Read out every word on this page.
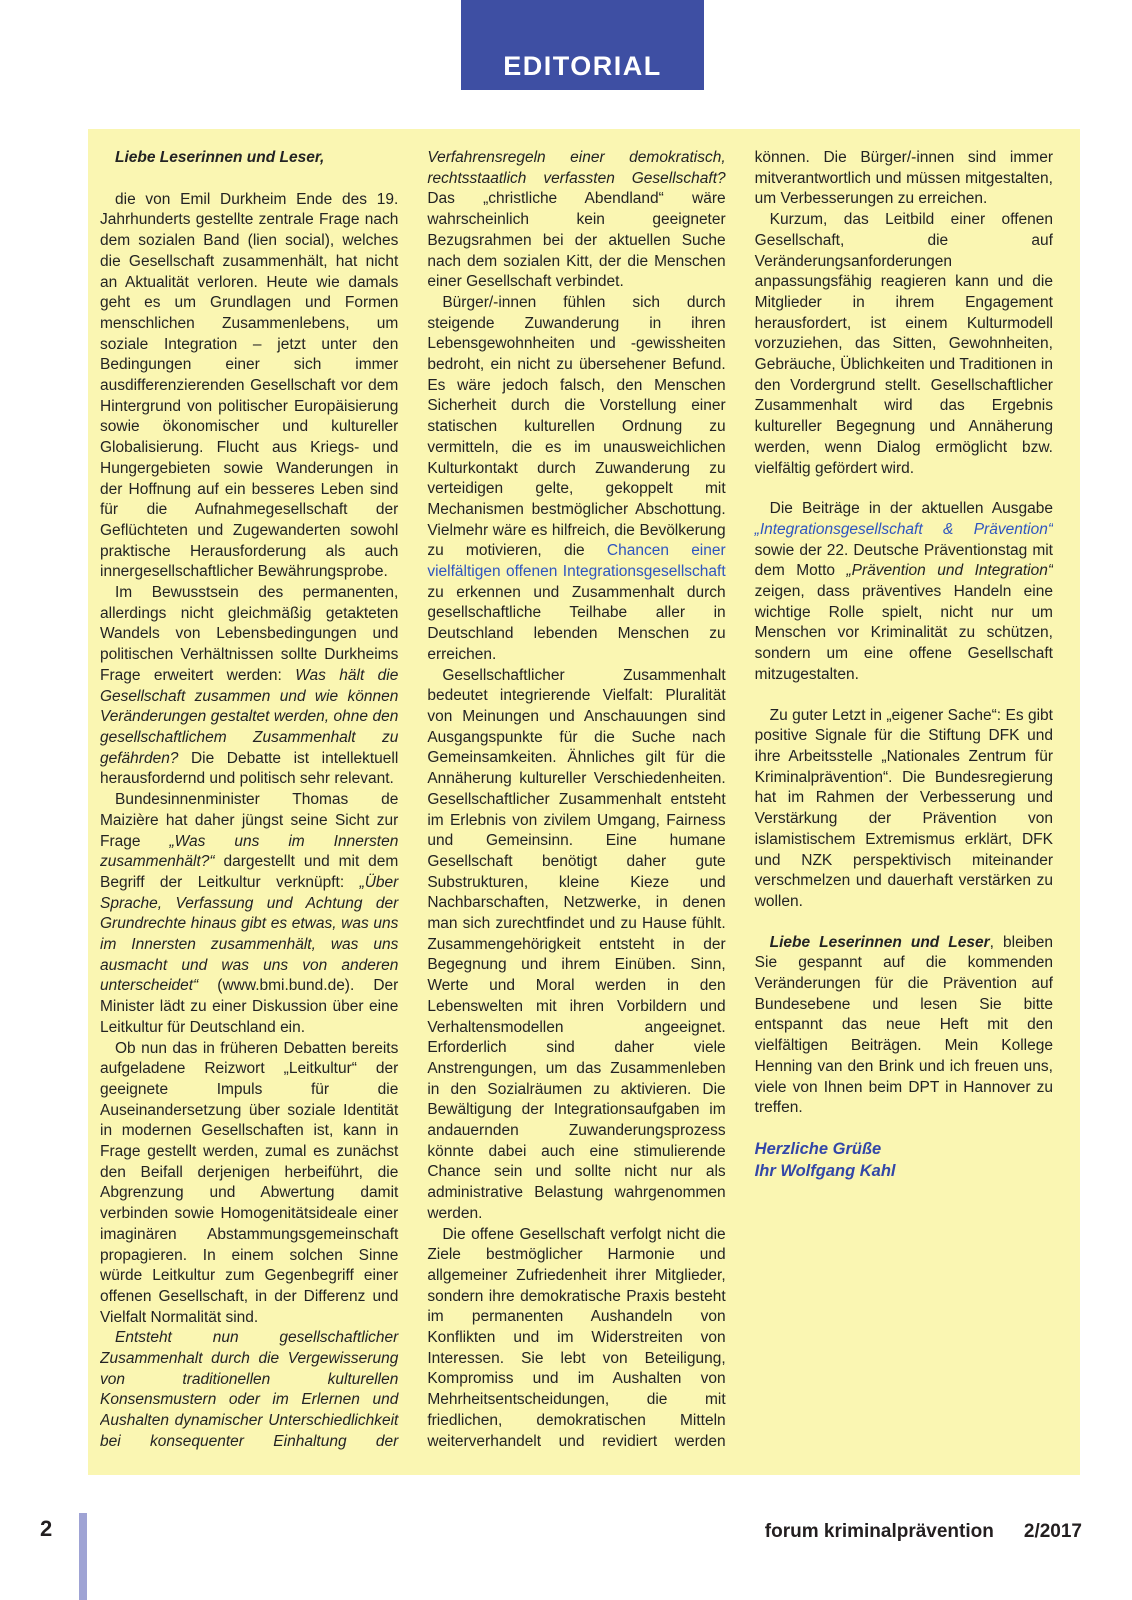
EDITORIAL

Liebe Leserinnen und Leser,

die von Emil Durkheim Ende des 19. Jahrhunderts gestellte zentrale Frage nach dem sozialen Band (lien social), welches die Gesellschaft zusammenhält, hat nicht an Aktualität verloren. Heute wie damals geht es um Grundlagen und Formen menschlichen Zusammenlebens, um soziale Integration – jetzt unter den Bedingungen einer sich immer ausdifferenzierenden Gesellschaft vor dem Hintergrund von politischer Europäisierung sowie ökonomischer und kultureller Globalisierung. Flucht aus Kriegs- und Hungergebieten sowie Wanderungen in der Hoffnung auf ein besseres Leben sind für die Aufnahmegesellschaft der Geflüchteten und Zugewanderten sowohl praktische Herausforderung als auch innergesellschaftlicher Bewährungsprobe.

Im Bewusstsein des permanenten, allerdings nicht gleichmäßig getakteten Wandels von Lebensbedingungen und politischen Verhältnissen sollte Durkheims Frage erweitert werden: Was hält die Gesellschaft zusammen und wie können Veränderungen gestaltet werden, ohne den gesellschaftlichem Zusammenhalt zu gefährden? Die Debatte ist intellektuell herausfordernd und politisch sehr relevant.

Bundesinnenminister Thomas de Maizière hat daher jüngst seine Sicht zur Frage „Was uns im Innersten zusammenhält?“ dargestellt und mit dem Begriff der Leitkultur verknüpft: „Über Sprache, Verfassung und Achtung der Grundrechte hinaus gibt es etwas, was uns im Innersten zusammenhält, was uns ausmacht und was uns von anderen unterscheidet“ (www.bmi.bund.de). Der Minister lädt zu einer Diskussion über eine Leitkultur für Deutschland ein.

Ob nun das in früheren Debatten bereits aufgeladene Reizwort „Leitkultur“ der geeignete Impuls für die Auseinandersetzung über soziale Identität in modernen Gesellschaften ist, kann in Frage gestellt werden, zumal es zunächst den Beifall derjenigen herbeiführt, die Abgrenzung und Abwertung damit verbinden sowie Homogenitätsideale einer imaginären Abstammungsgemeinschaft propagieren. In einem solchen Sinne würde Leitkultur zum Gegenbegriff einer offenen Gesellschaft, in der Differenz und Vielfalt Normalität sind.

Entsteht nun gesellschaftlicher Zusammenhalt durch die Vergewisserung von traditionellen kulturellen Konsensmustern oder im Erlernen und Aushalten dynamischer Unterschiedlichkeit bei konsequenter Einhaltung der Verfahrensregeln einer demokratisch, rechtsstaatlich verfassten Gesellschaft? Das „christliche Abendland“ wäre wahrscheinlich kein geeigneter Bezugsrahmen bei der aktuellen Suche nach dem sozialen Kitt, der die Menschen einer Gesellschaft verbindet.

Bürger/-innen fühlen sich durch steigende Zuwanderung in ihren Lebensgewohnheiten und -gewissheiten bedroht, ein nicht zu übersehener Befund. Es wäre jedoch falsch, den Menschen Sicherheit durch die Vorstellung einer statischen kulturellen Ordnung zu vermitteln, die es im unausweichlichen Kulturkontakt durch Zuwanderung zu verteidigen gelte, gekoppelt mit Mechanismen bestmöglicher Abschottung. Vielmehr wäre es hilfreich, die Bevölkerung zu motivieren, die Chancen einer vielfältigen offenen Integrationsgesellschaft zu erkennen und Zusammenhalt durch gesellschaftliche Teilhabe aller in Deutschland lebenden Menschen zu erreichen.

Gesellschaftlicher Zusammenhalt bedeutet integrierende Vielfalt: Pluralität von Meinungen und Anschauungen sind Ausgangspunkte für die Suche nach Gemeinsamkeiten. Ähnliches gilt für die Annäherung kultureller Verschiedenheiten. Gesellschaftlicher Zusammenhalt entsteht im Erlebnis von zivilem Umgang, Fairness und Gemeinsinn. Eine humane Gesellschaft benötigt daher gute Substrukturen, kleine Kieze und Nachbarschaften, Netzwerke, in denen man sich zurechtfindet und zu Hause fühlt. Zusammengehörigkeit entsteht in der Begegnung und ihrem Einüben. Sinn, Werte und Moral werden in den Lebenswelten mit ihren Vorbildern und Verhaltensmodellen angeeignet. Erforderlich sind daher viele Anstrengungen, um das Zusammenleben in den Sozialräumen zu aktivieren. Die Bewältigung der Integrationsaufgaben im andauernden Zuwanderungsprozess könnte dabei auch eine stimulierende Chance sein und sollte nicht nur als administrative Belastung wahrgenommen werden.

Die offene Gesellschaft verfolgt nicht die Ziele bestmöglicher Harmonie und allgemeiner Zufriedenheit ihrer Mitglieder, sondern ihre demokratische Praxis besteht im permanenten Aushandeln von Konflikten und im Widerstreiten von Interessen. Sie lebt von Beteiligung, Kompromiss und im Aushalten von Mehrheitsentscheidungen, die mit friedlichen, demokratischen Mitteln weiterverhandelt und revidiert werden können. Die Bürger/-innen sind immer mitverantwortlich und müssen mitgestalten, um Verbesserungen zu erreichen.

Kurzum, das Leitbild einer offenen Gesellschaft, die auf Veränderungsanforderungen anpassungsfähig reagieren kann und die Mitglieder in ihrem Engagement herausfordert, ist einem Kulturmodell vorzuziehen, das Sitten, Gewohnheiten, Gebräuche, Üblichkeiten und Traditionen in den Vordergrund stellt. Gesellschaftlicher Zusammenhalt wird das Ergebnis kultureller Begegnung und Annäherung werden, wenn Dialog ermöglicht bzw. vielfältig gefördert wird.

Die Beiträge in der aktuellen Ausgabe „Integrationsgesellschaft & Prävention“ sowie der 22. Deutsche Präventionstag mit dem Motto „Prävention und Integration“ zeigen, dass präventives Handeln eine wichtige Rolle spielt, nicht nur um Menschen vor Kriminalität zu schützen, sondern um eine offene Gesellschaft mitzugestalten.

Zu guter Letzt in „eigener Sache“: Es gibt positive Signale für die Stiftung DFK und ihre Arbeitsstelle „Nationales Zentrum für Kriminalprävention“. Die Bundesregierung hat im Rahmen der Verbesserung und Verstärkung der Prävention von islamistischem Extremismus erklärt, DFK und NZK perspektivisch miteinander verschmelzen und dauerhaft verstärken zu wollen.

Liebe Leserinnen und Leser, bleiben Sie gespannt auf die kommenden Veränderungen für die Prävention auf Bundesebene und lesen Sie bitte entspannt das neue Heft mit den vielfältigen Beiträgen. Mein Kollege Henning van den Brink und ich freuen uns, viele von Ihnen beim DPT in Hannover zu treffen.

Herzliche Grüße

Ihr Wolfgang Kahl

2	forum kriminalprävention 2/2017
